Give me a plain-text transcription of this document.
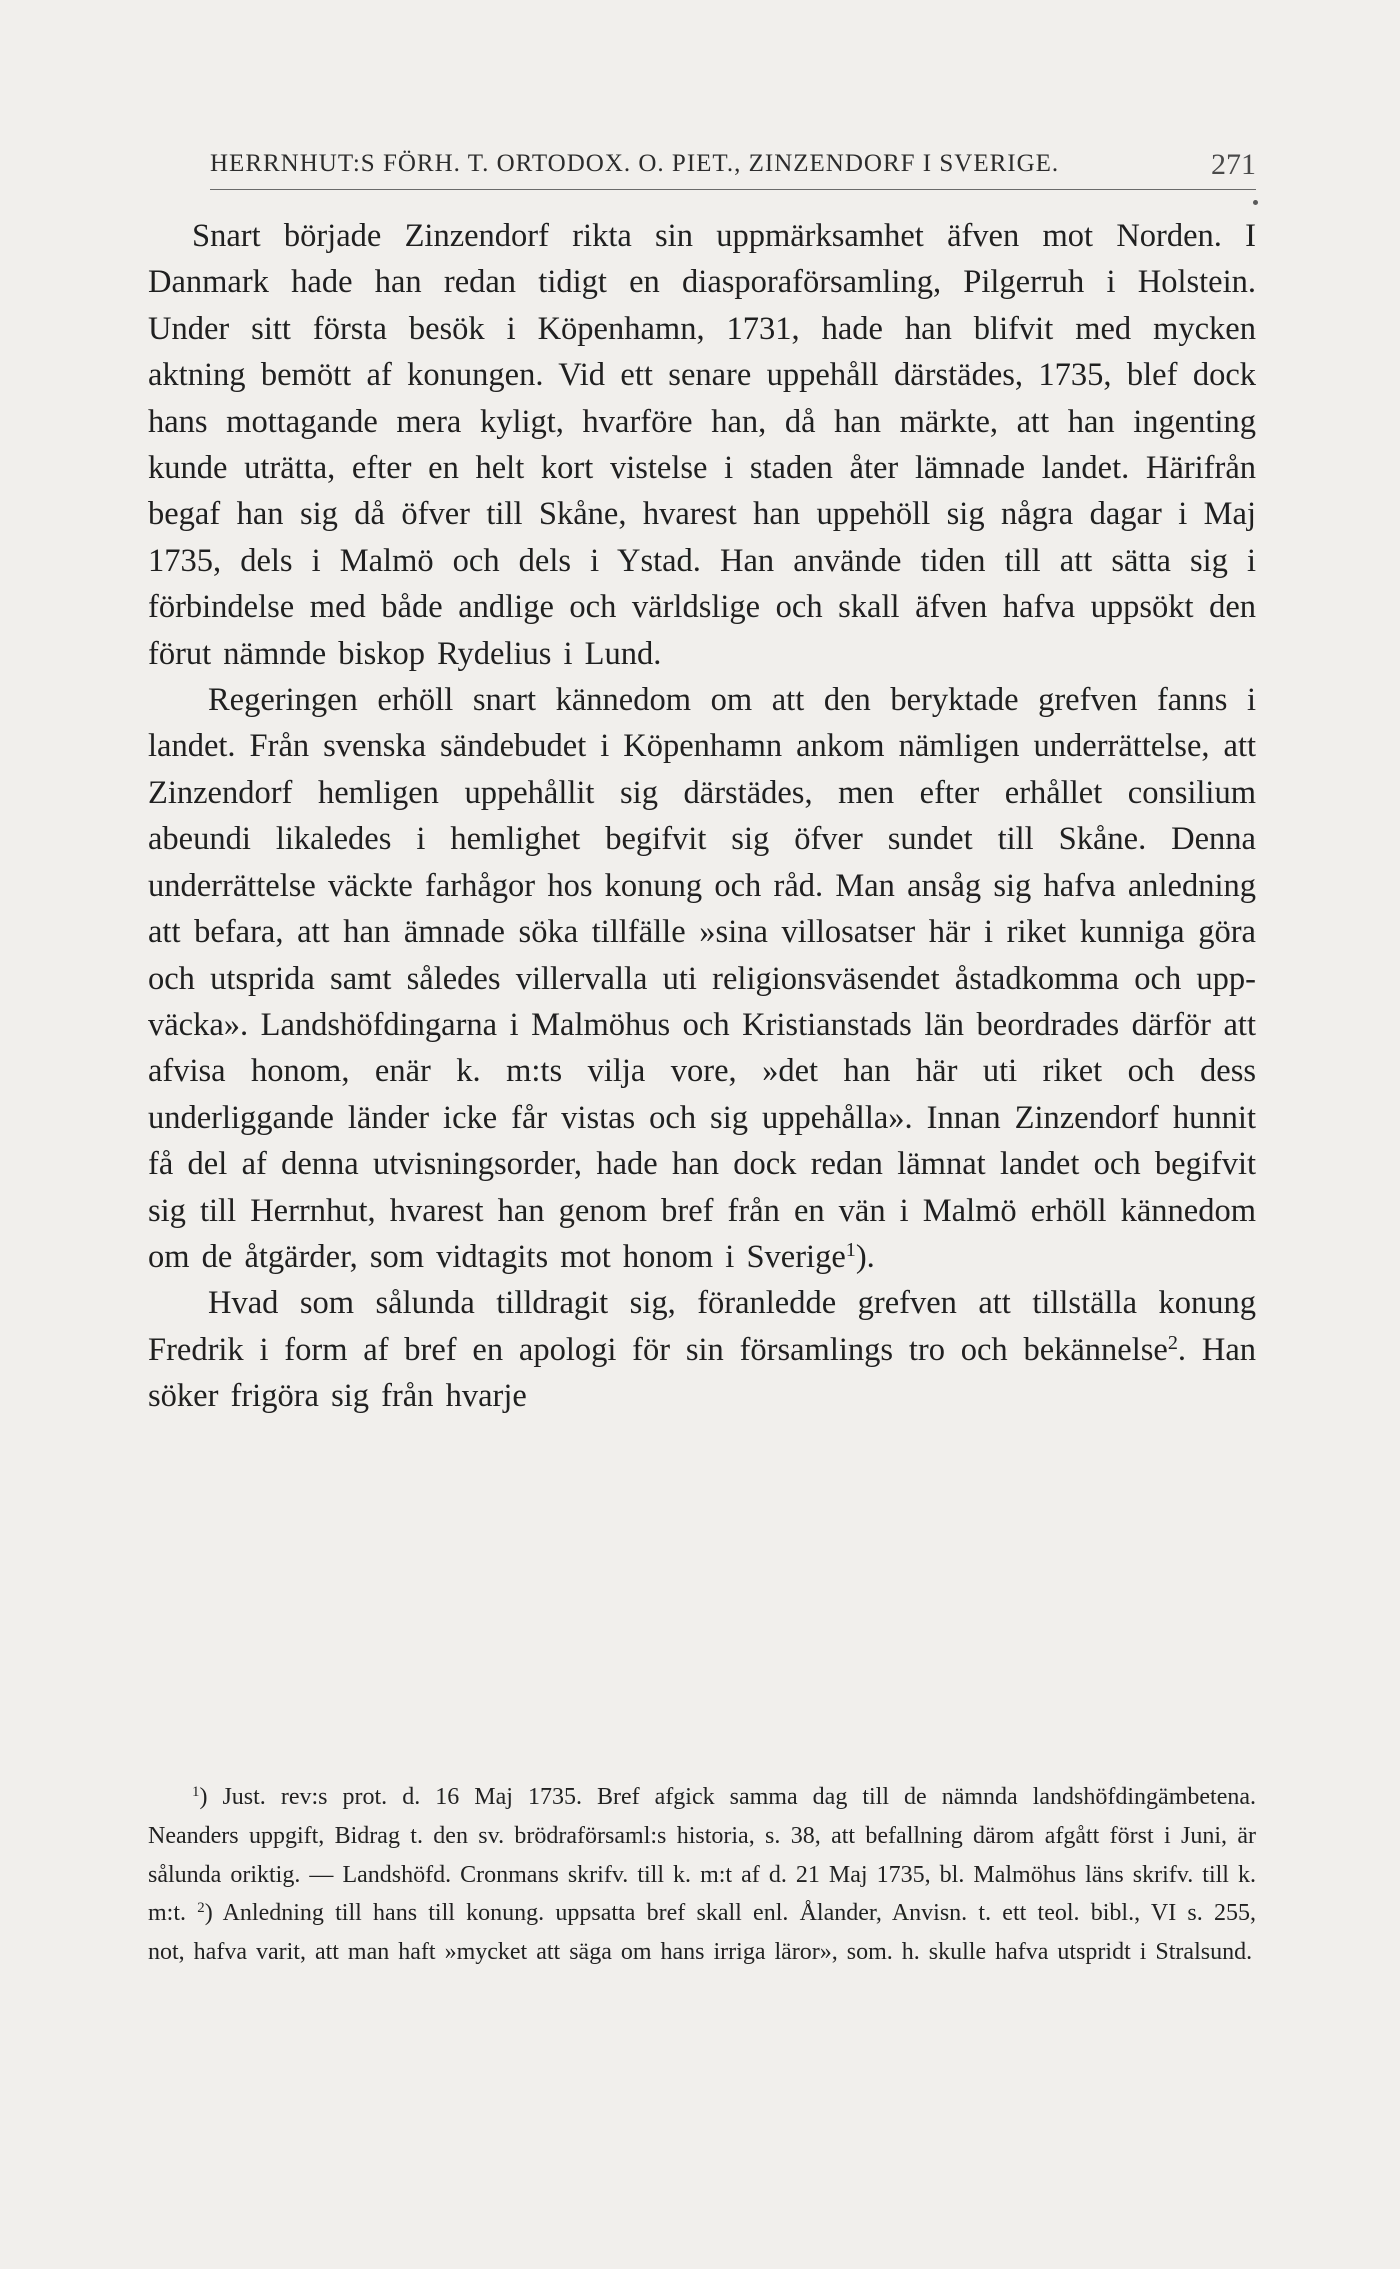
HERRNHUT:S FÖRH. T. ORTODOX. O. PIET., ZINZENDORF I SVERIGE.	271

Snart började Zinzendorf rikta sin uppmärksamhet äfven mot Norden. I Danmark hade han redan tidigt en diasporaförsamling, Pilgerruh i Holstein. Under sitt första besök i Köpenhamn, 1731, hade han blifvit med mycken aktning bemött af konungen. Vid ett senare uppehåll därstädes, 1735, blef dock hans mottagande mera kyligt, hvarföre han, då han märkte, att han ingenting kunde uträtta, efter en helt kort vistelse i staden åter lämnade landet. Härifrån begaf han sig då öfver till Skåne, hvarest han uppehöll sig några dagar i Maj 1735, dels i Malmö och dels i Ystad. Han använde tiden till att sätta sig i förbindelse med både andlige och världslige och skall äfven hafva uppsökt den förut nämnde biskop Rydelius i Lund.

Regeringen erhöll snart kännedom om att den beryktade grefven fanns i landet. Från svenska sändebudet i Köpenhamn ankom nämligen underrättelse, att Zinzendorf hemligen uppehållit sig därstädes, men efter erhållet consilium abeundi likaledes i hemlighet begifvit sig öfver sundet till Skåne. Denna underrättelse väckte farhågor hos konung och råd. Man ansåg sig hafva anledning att befara, att han ämnade söka tillfälle »sina villosatser här i riket kunniga göra och utsprida samt således villervalla uti religionsväsendet åstadkomma och uppväcka». Landshöfdingarna i Malmöhus och Kristianstads län beordrades därför att afvisa honom, enär k. m:ts vilja vore, »det han här uti riket och dess underliggande länder icke får vistas och sig uppehålla». Innan Zinzendorf hunnit få del af denna utvisningsorder, hade han dock redan lämnat landet och begifvit sig till Herrnhut, hvarest han genom bref från en vän i Malmö erhöll kännedom om de åtgärder, som vidtagits mot honom i Sverige$^1$).

Hvad som sålunda tilldragit sig, föranledde grefven att tillställa konung Fredrik i form af bref en apologi för sin församlings tro och bekännelse$^2$. Han söker frigöra sig från hvarje

$^1$) Just. rev:s prot. d. 16 Maj 1735. Bref afgick samma dag till de nämnda landshöfdingämbetena. Neanders uppgift, Bidrag t. den sv. brödraförsaml:s historia, s. 38, att befallning därom afgått först i Juni, är sålunda oriktig. — Landshöfd. Cronmans skrifv. till k. m:t af d. 21 Maj 1735, bl. Malmöhus läns skrifv. till k. m:t.

$^2$) Anledning till hans till konung. uppsatta bref skall enl. Ålander, Anvisn. t. ett teol. bibl., VI s. 255, not, hafva varit, att man haft »mycket att säga om hans irriga läror», som. h. skulle hafva utspridt i Stralsund.
